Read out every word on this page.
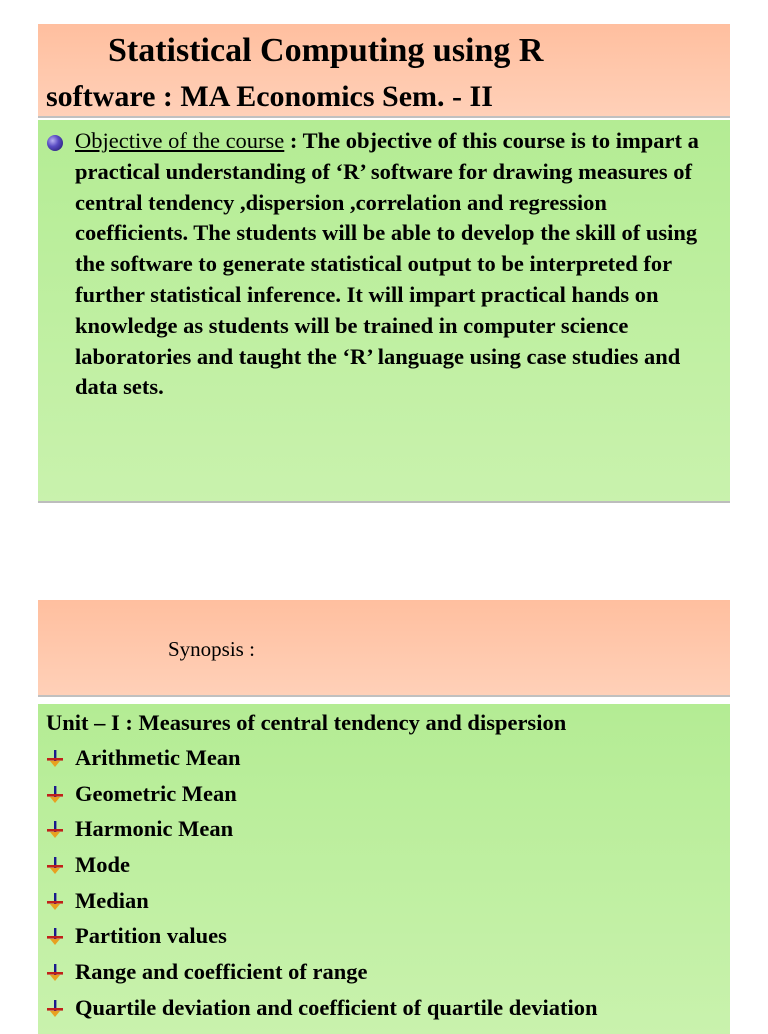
Statistical Computing using R
software : MA Economics Sem. - II
Objective of the course : The objective of this course is to impart a practical understanding of ‘R’ software for drawing measures of central tendency ,dispersion ,correlation and regression coefficients. The students will be able to develop the skill of using the software to generate statistical output to be interpreted for further statistical inference. It will impart practical hands on knowledge as students will be trained in computer science laboratories and taught the ‘R’ language using case studies and data sets.
Synopsis :
Unit – I : Measures of central tendency and dispersion
Arithmetic Mean
Geometric Mean
Harmonic Mean
Mode
Median
Partition values
Range and coefficient of range
Quartile deviation and coefficient of quartile deviation
